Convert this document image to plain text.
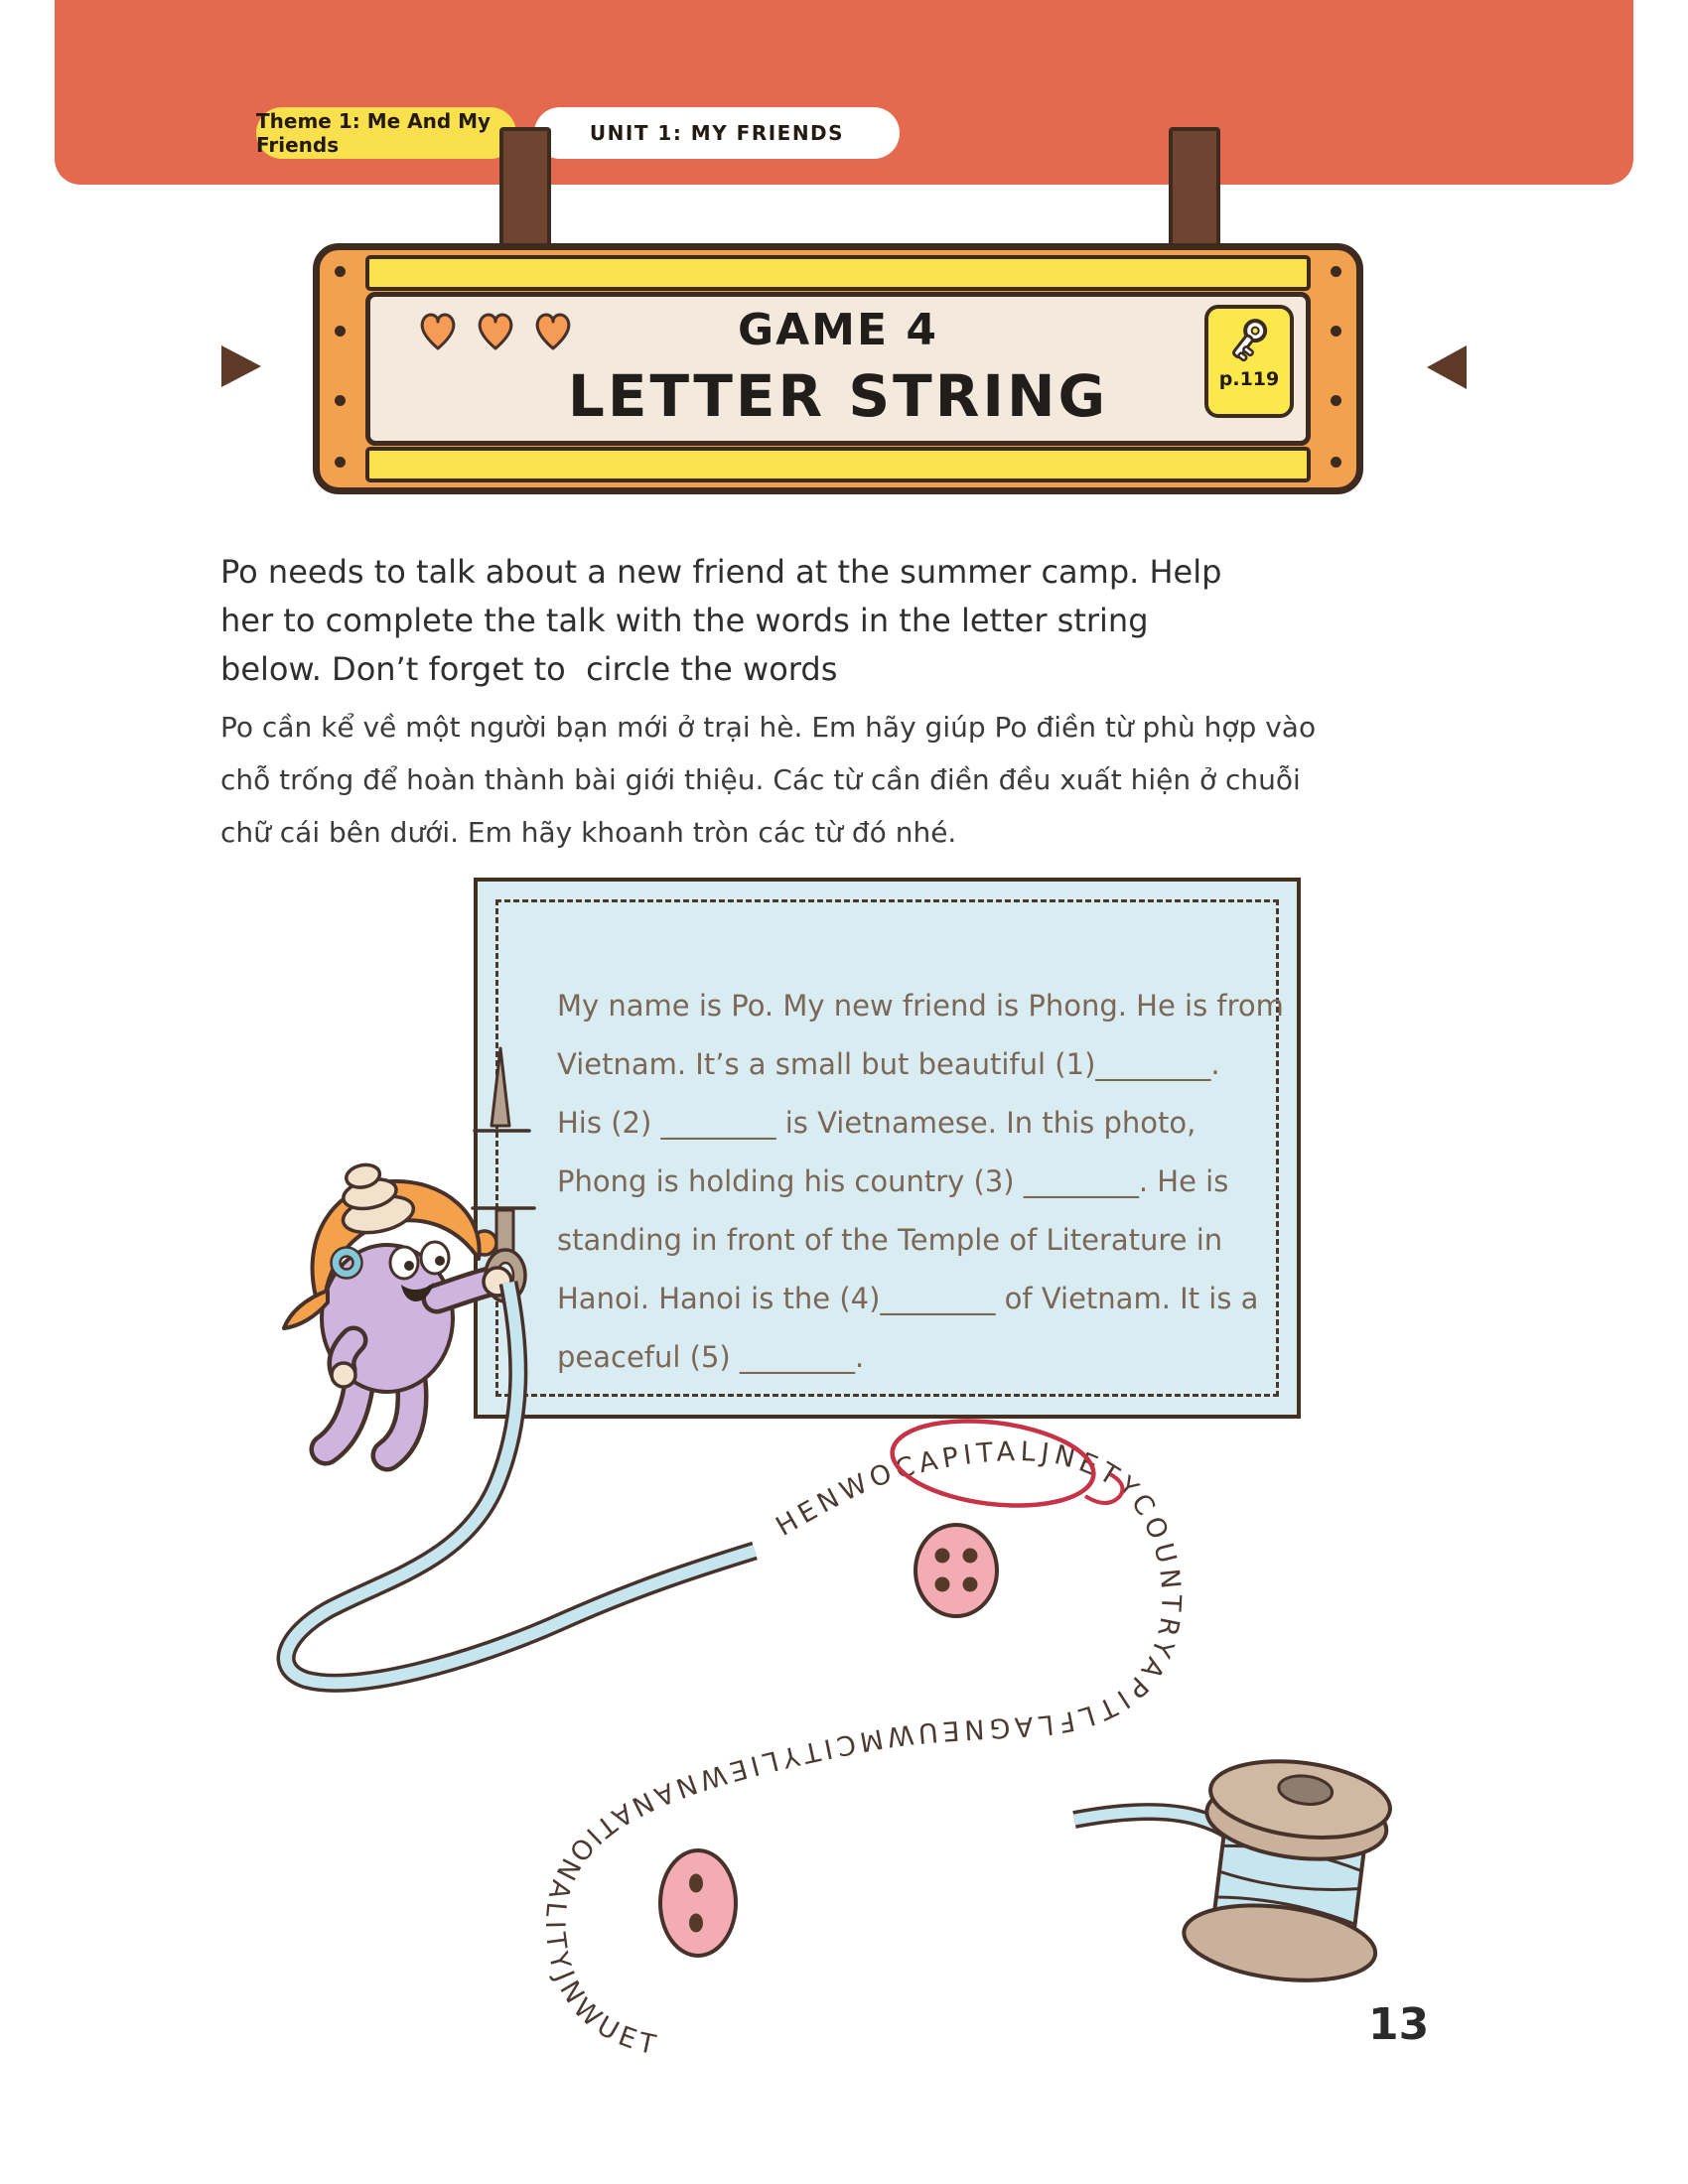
Theme 1: Me And My Friends	UNIT 1: MY FRIENDS
GAME 4
LETTER STRING	p.119
Po needs to talk about a new friend at the summer camp. Help
her to complete the talk with the words in the letter string
below. Don’t forget to  circle the words
Po cần kể về một người bạn mới ở trại hè. Em hãy giúp Po điền từ phù hợp vào
chỗ trống để hoàn thành bài giới thiệu. Các từ cần điền đều xuất hiện ở chuỗi
chữ cái bên dưới. Em hãy khoanh tròn các từ đó nhé.
My name is Po. My new friend is Phong. He is from
Vietnam. It’s a small but beautiful (1)________.
His (2) ________ is Vietnamese. In this photo,
Phong is holding his country (3) ________. He is
standing in front of the Temple of Literature in
Hanoi. Hanoi is the (4)________ of Vietnam. It is a
peaceful (5) ________.
13
HENWOCAPITALJNETYCOUNTRYAPITLFLAGNEUWMCITYLIEWNANATIONALITYJNWUET
